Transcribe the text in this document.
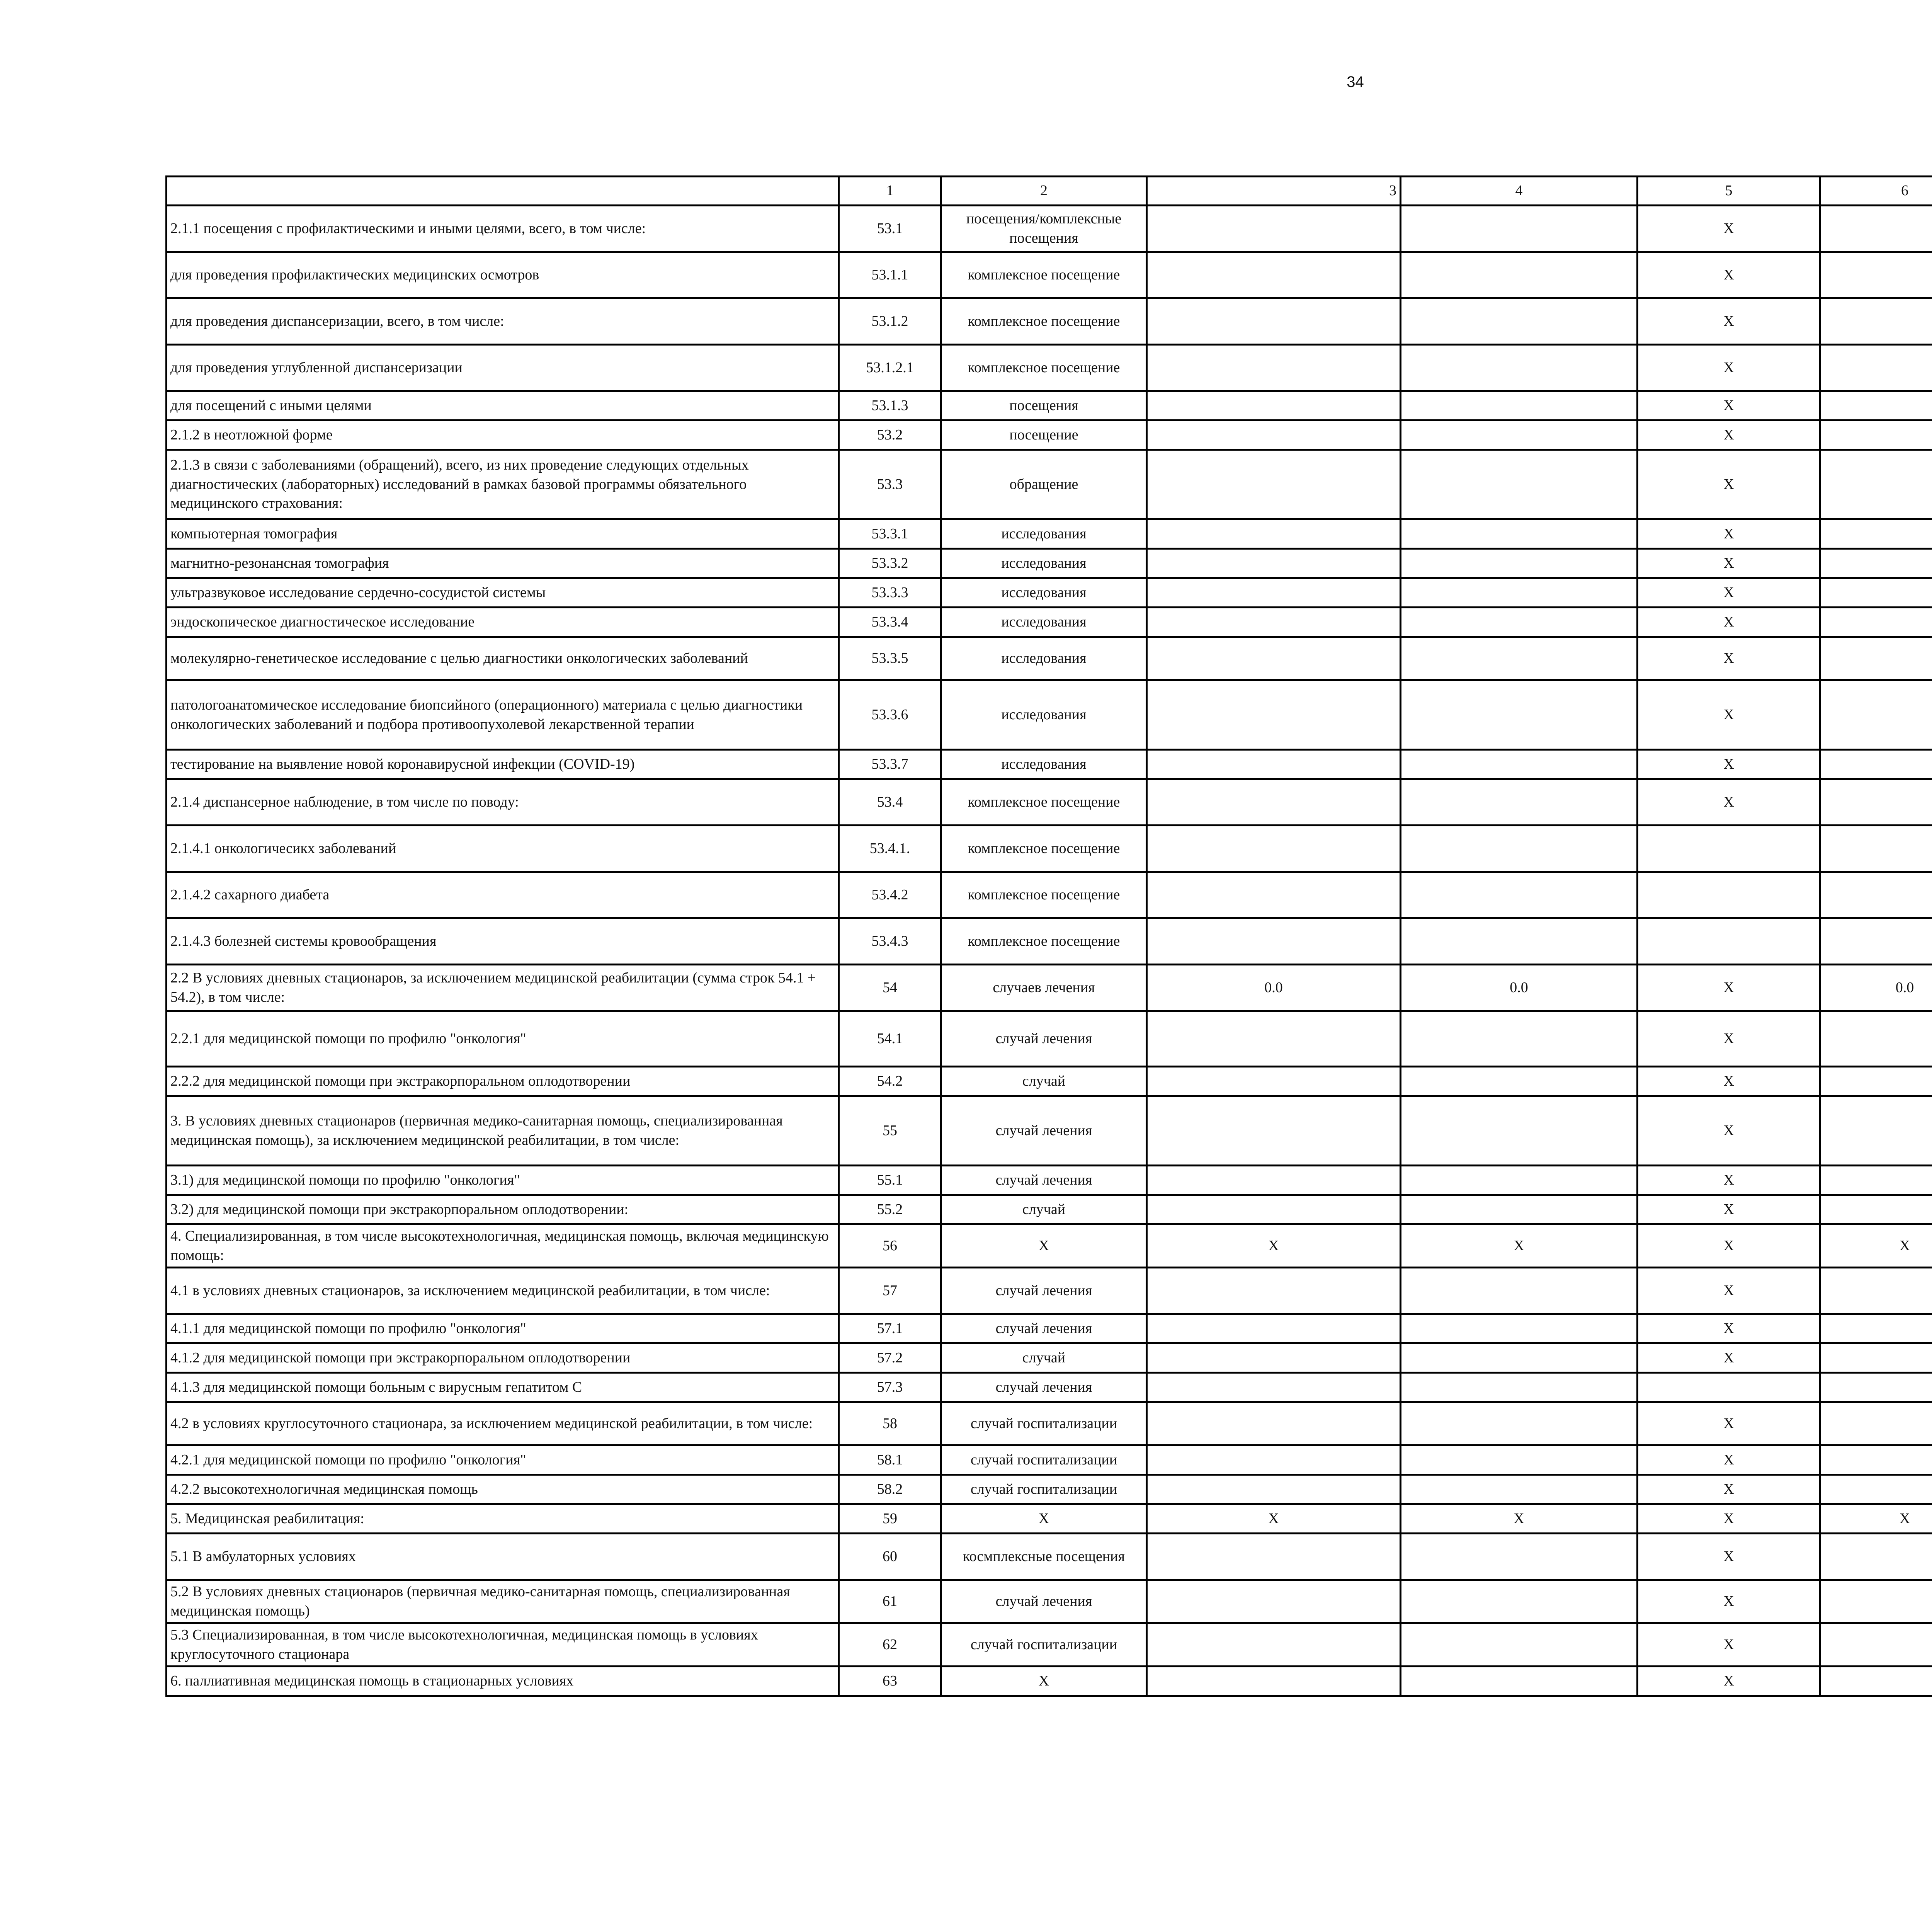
34
	1	2	3	4	5	6			
2.1.1 посещения с профилактическими и иными целями, всего, в том числе:	53.1	посещения/комплексные посещения			X				
для проведения профилактических медицинских осмотров	53.1.1	комплексное посещение			X				
для проведения диспансеризации, всего, в том числе:	53.1.2	комплексное посещение			X				
для проведения углубленной диспансеризации	53.1.2.1	комплексное посещение			X				
для посещений с иными целями	53.1.3	посещения			X				
2.1.2 в неотложной форме	53.2	посещение			X				
2.1.3 в связи с заболеваниями (обращений), всего, из них проведение следующих отдельных диагностических (лабораторных) исследований в рамках базовой программы обязательного медицинского страхования:	53.3	обращение			X				
компьютерная томография	53.3.1	исследования			X				
магнитно-резонансная томография	53.3.2	исследования			X				
ультразвуковое исследование сердечно-сосудистой системы	53.3.3	исследования			X				
эндоскопическое диагностическое исследование	53.3.4	исследования			X				
молекулярно-генетическое исследование с целью диагностики онкологических заболеваний	53.3.5	исследования			X				
патологоанатомическое исследование биопсийного (операционного) материала с целью диагностики онкологических заболеваний и подбора противоопухолевой лекарственной терапии	53.3.6	исследования			X				
тестирование на выявление новой коронавирусной инфекции (COVID-19)	53.3.7	исследования			X				
2.1.4 диспансерное наблюдение, в том числе по поводу:	53.4	комплексное посещение			X				
2.1.4.1 онкологичесикх заболеваний	53.4.1.	комплексное посещение							
2.1.4.2 сахарного диабета	53.4.2	комплексное посещение							
2.1.4.3 болезней системы кровообращения	53.4.3	комплексное посещение							
2.2 В условиях дневных стационаров, за исключением медицинской реабилитации (сумма строк 54.1 + 54.2), в том числе:	54	случаев лечения	0.0	0.0	X	0.0			
2.2.1 для медицинской помощи по профилю "онкология"	54.1	случай лечения			X				
2.2.2 для медицинской помощи при экстракорпоральном оплодотворении	54.2	случай			X				
3. В условиях дневных стационаров (первичная медико-санитарная помощь, специализированная медицинская помощь), за исключением медицинской реабилитации, в том числе:	55	случай лечения			X				
3.1) для медицинской помощи по профилю "онкология"	55.1	случай лечения			X				
3.2) для медицинской помощи при экстракорпоральном оплодотворении:	55.2	случай			X				
4. Специализированная, в том числе высокотехнологичная, медицинская помощь, включая медицинскую помощь:	56	X	X	X	X	X			
4.1 в условиях дневных стационаров, за исключением медицинской реабилитации, в том числе:	57	случай лечения			X				
4.1.1 для медицинской помощи по профилю "онкология"	57.1	случай лечения			X				
4.1.2 для медицинской помощи при экстракорпоральном оплодотворении	57.2	случай			X				
4.1.3 для медицинской помощи больным с вирусным гепатитом С	57.3	случай лечения							
4.2 в условиях круглосуточного стационара, за исключением медицинской реабилитации, в том числе:	58	случай госпитализации			X				
4.2.1 для медицинской помощи по профилю "онкология"	58.1	случай госпитализации			X				
4.2.2 высокотехнологичная медицинская помощь	58.2	случай госпитализации			X				
5. Медицинская реабилитация:	59	X	X	X	X	X			
5.1 В амбулаторных условиях	60	космплексные посещения			X				
5.2 В условиях дневных стационаров (первичная медико-санитарная помощь, специализированная медицинская помощь)	61	случай лечения			X				
5.3 Специализированная, в том числе высокотехнологичная, медицинская помощь в условиях круглосуточного стационара	62	случай госпитализации			X				
6. паллиативная медицинская помощь в стационарных условиях	63	X			X				
